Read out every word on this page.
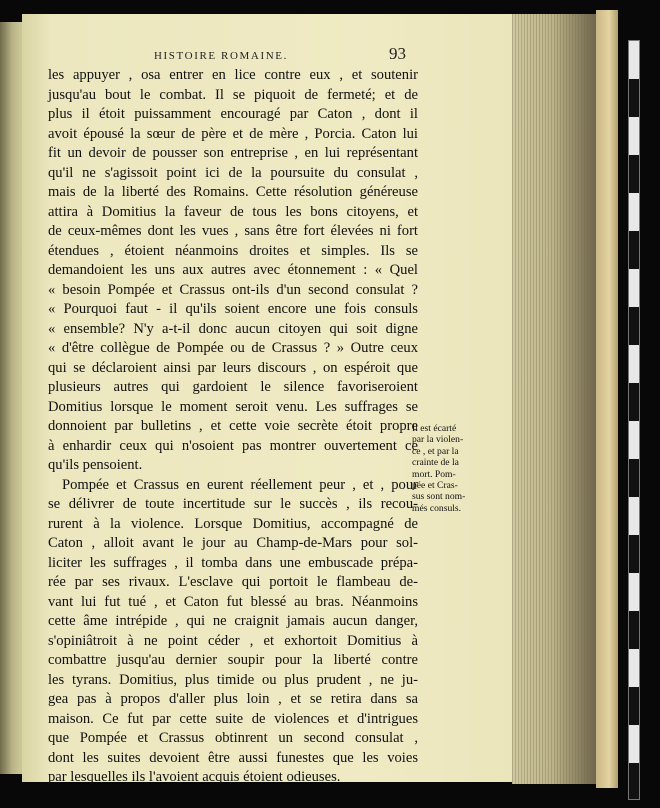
HISTOIRE ROMAINE.	93
les appuyer , osa entrer en lice contre eux , et soutenir
jusqu'au bout le combat. Il se piquoit de fermeté; et de
plus il étoit puissamment encouragé par Caton , dont il
avoit épousé la sœur de père et de mère , Porcia. Caton lui
fit un devoir de pousser son entreprise , en lui représentant
qu'il ne s'agissoit point ici de la poursuite du consulat ,
mais de la liberté des Romains. Cette résolution généreuse
attira à Domitius la faveur de tous les bons citoyens, et
de ceux-mêmes dont les vues , sans être fort élevées ni fort
étendues , étoient néanmoins droites et simples. Ils se
demandoient les uns aux autres avec étonnement : « Quel
« besoin Pompée et Crassus ont-ils d'un second consulat ?
« Pourquoi faut - il qu'ils soient encore une fois consuls
« ensemble? N'y a-t-il donc aucun citoyen qui soit digne
« d'être collègue de Pompée ou de Crassus ? » Outre ceux
qui se déclaroient ainsi par leurs discours , on espéroit que
plusieurs autres qui gardoient le silence favoriseroient
Domitius lorsque le moment seroit venu. Les suffrages se
donnoient par bulletins , et cette voie secrète étoit propre
à enhardir ceux qui n'osoient pas montrer ouvertement ce
qu'ils pensoient.
Pompée et Crassus en eurent réellement peur , et , pour
se délivrer de toute incertitude sur le succès , ils recou-
rurent à la violence. Lorsque Domitius, accompagné de
Caton , alloit avant le jour au Champ-de-Mars pour sol-
liciter les suffrages , il tomba dans une embuscade prépa-
rée par ses rivaux. L'esclave qui portoit le flambeau de-
vant lui fut tué , et Caton fut blessé au bras. Néanmoins
cette âme intrépide , qui ne craignit jamais aucun danger,
s'opiniâtroit à ne point céder , et exhortoit Domitius à
combattre jusqu'au dernier soupir pour la liberté contre
les tyrans. Domitius, plus timide ou plus prudent , ne ju-
gea pas à propos d'aller plus loin , et se retira dans sa
maison. Ce fut par cette suite de violences et d'intrigues
que Pompée et Crassus obtinrent un second consulat ,
dont les suites devoient être aussi funestes que les voies
par lesquelles ils l'avoient acquis étoient odieuses.
Il est écarté
par la violen-
ce , et par la
crainte de la
mort. Pom-
pée et Cras-
sus sont nom-
més consuls.
